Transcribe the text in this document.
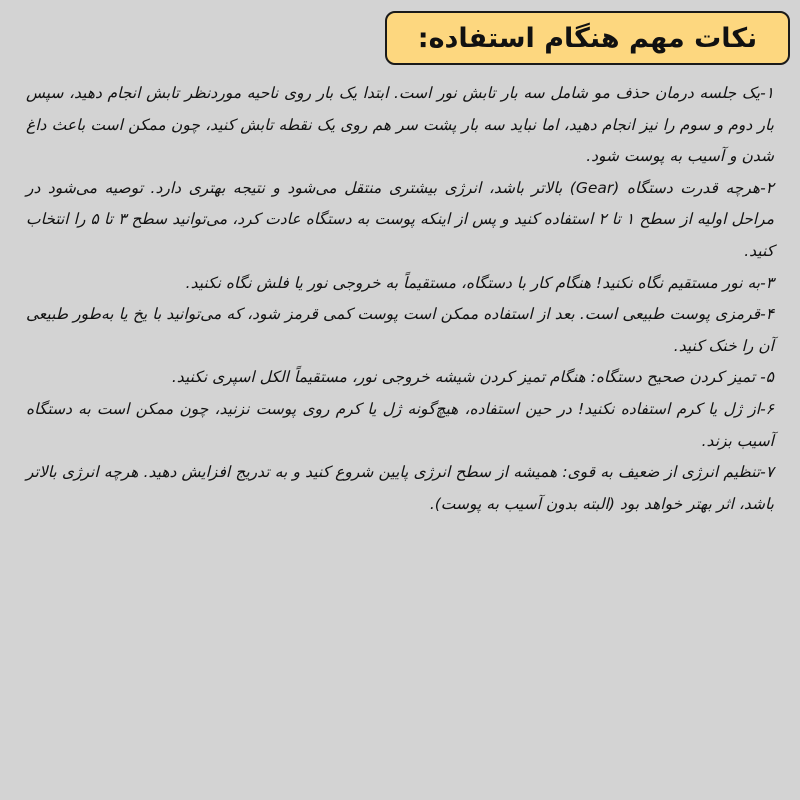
نکات مهم هنگام استفاده:

۱-یک جلسه درمان حذف مو شامل سه بار تابش نور است. ابتدا یک بار روی ناحیه موردنظر تابش انجام دهید، سپس بار دوم و سوم را نیز انجام دهید، اما نباید سه بار پشت سر هم روی یک نقطه تابش کنید، چون ممکن است باعث داغ شدن و آسیب به پوست شود.

۲-هرچه قدرت دستگاه (Gear) بالاتر باشد، انرژی بیشتری منتقل می‌شود و نتیجه بهتری دارد. توصیه می‌شود در مراحل اولیه از سطح ۱ تا ۲ استفاده کنید و پس از اینکه پوست به دستگاه عادت کرد، می‌توانید سطح ۳ تا ۵ را انتخاب کنید.

۳-به نور مستقیم نگاه نکنید! هنگام کار با دستگاه، مستقیماً به خروجی نور یا فلش نگاه نکنید.

۴-قرمزی پوست طبیعی است. بعد از استفاده ممکن است پوست کمی قرمز شود، که می‌توانید با یخ یا به‌طور طبیعی آن را خنک کنید.

۵- تمیز کردن صحیح دستگاه: هنگام تمیز کردن شیشه خروجی نور، مستقیماً الکل اسپری نکنید.

۶-از ژل یا کرم استفاده نکنید! در حین استفاده، هیچ‌گونه ژل یا کرم روی پوست نزنید، چون ممکن است به دستگاه آسیب بزند.

۷-تنظیم انرژی از ضعیف به قوی: همیشه از سطح انرژی پایین شروع کنید و به تدریج افزایش دهید. هرچه انرژی بالاتر باشد، اثر بهتر خواهد بود (البته بدون آسیب به پوست).
